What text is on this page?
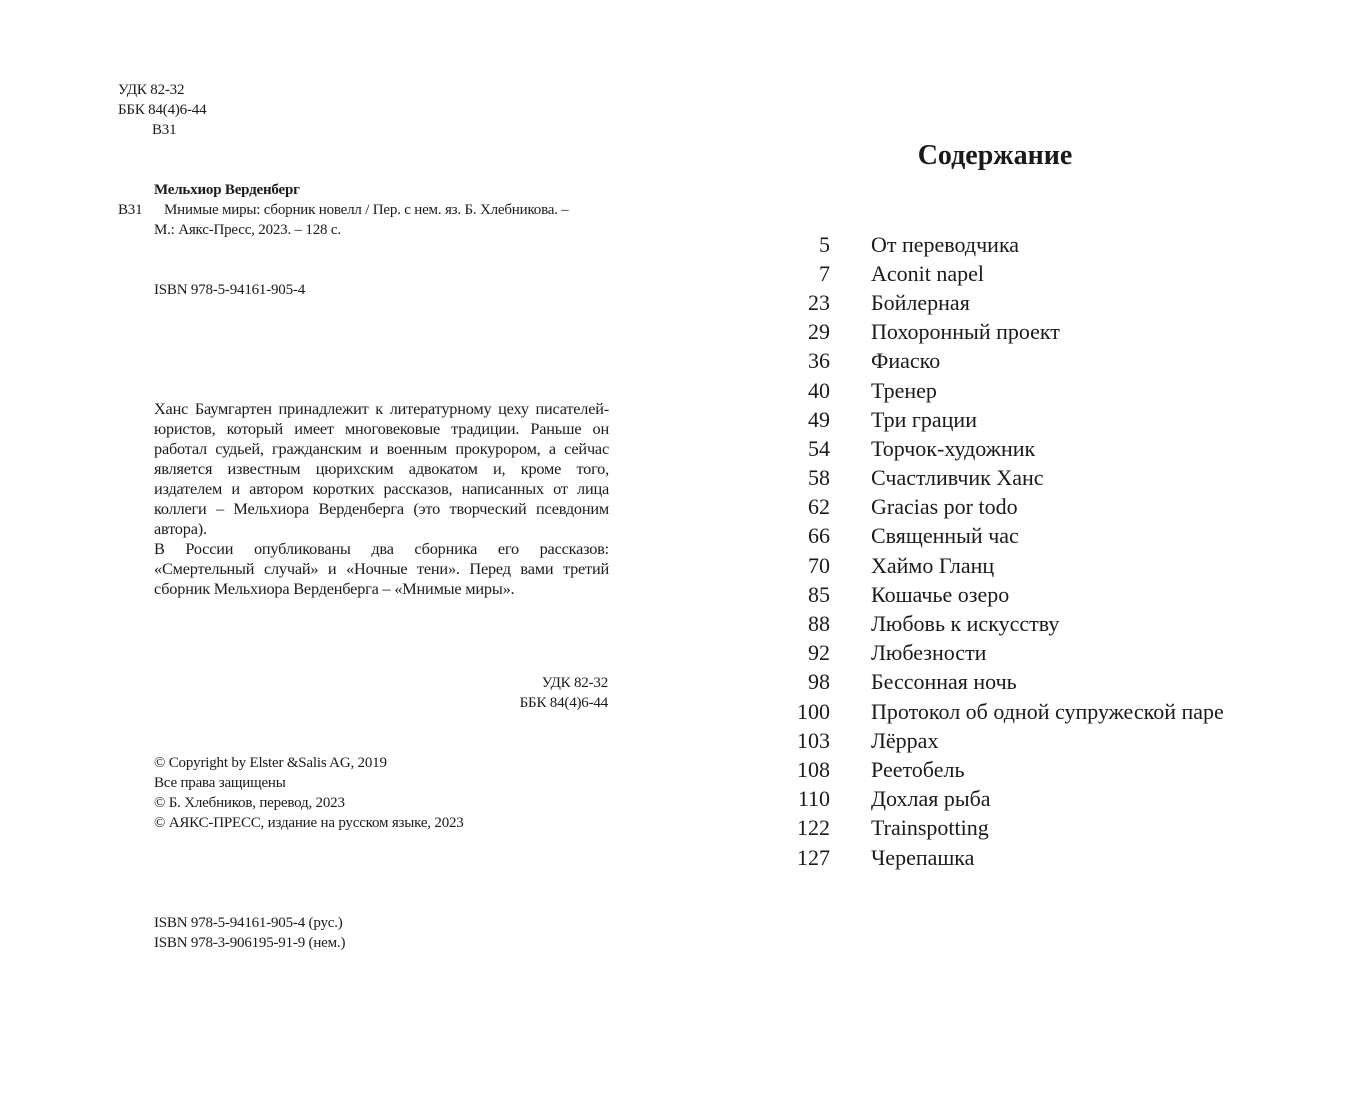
УДК 82-32
ББК 84(4)6-44
В31
Мельхиор Верденберг
В31	Мнимые миры: сборник новелл / Пер. с нем. яз. Б. Хлебникова. –
М.: Аякс-Пресс, 2023. – 128 с.
ISBN 978-5-94161-905-4

Ханс Баумгартен принадлежит к литературному цеху писателей-юристов, который имеет многовековые традиции. Раньше он работал судьей, гражданским и военным прокурором, а сейчас является известным цюрихским адвокатом и, кроме того, издателем и автором коротких рассказов, написанных от лица коллеги – Мельхиора Верденберга (это творческий псевдоним автора).

В России опубликованы два сборника его рассказов: «Смертельный случай» и «Ночные тени». Перед вами третий сборник Мельхиора Верденберга – «Мнимые миры».

УДК 82-32
ББК 84(4)6-44
© Copyright by Elster &Salis AG, 2019
Все права защищены
© Б. Хлебников, перевод, 2023
© АЯКС-ПРЕСС, издание на русском языке, 2023
ISBN 978-5-94161-905-4 (рус.)
ISBN 978-3-906195-91-9 (нем.)
Содержание
5	От переводчика
7	Aconit napel
23	Бойлерная
29	Похоронный проект
36	Фиаско
40	Тренер
49	Три грации
54	Торчок-художник
58	Счастливчик Ханс
62	Gracias por todo
66	Священный час
70	Хаймо Гланц
85	Кошачье озеро
88	Любовь к искусству
92	Любезности
98	Бессонная ночь
100	Протокол об одной супружеской паре
103	Лёррах
108	Реетобель
110	Дохлая рыба
122	Trainspotting
127	Черепашка
